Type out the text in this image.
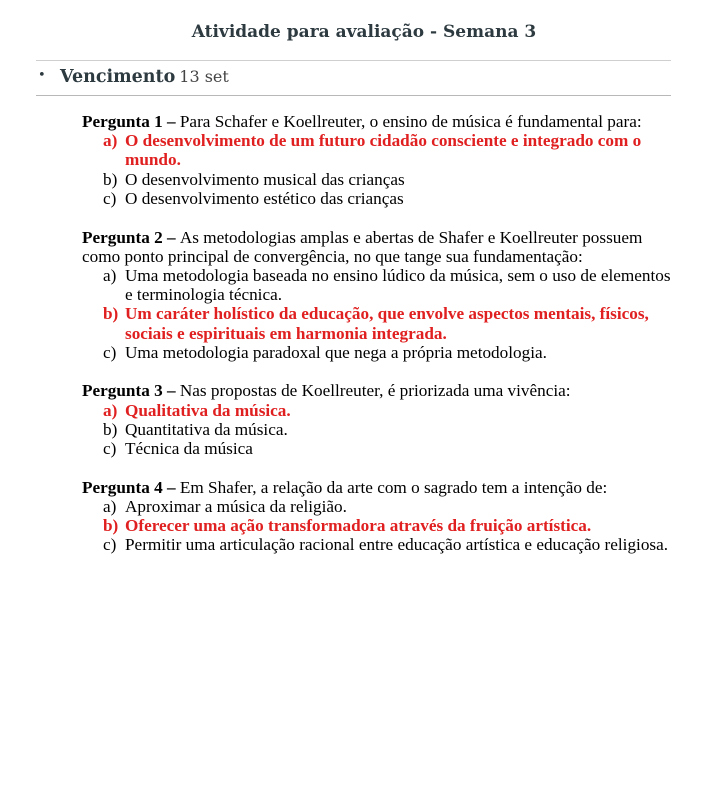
Atividade para avaliação - Semana 3
• Vencimento 13 set

Pergunta 1 – Para Schafer e Koellreuter, o ensino de música é fundamental para:

a) O desenvolvimento de um futuro cidadão consciente e integrado com o mundo.
b) O desenvolvimento musical das crianças
c) O desenvolvimento estético das crianças

Pergunta 2 – As metodologias amplas e abertas de Shafer e Koellreuter possuem como ponto principal de convergência, no que tange sua fundamentação:

a) Uma metodologia baseada no ensino lúdico da música, sem o uso de elementos e terminologia técnica.
b) Um caráter holístico da educação, que envolve aspectos mentais, físicos, sociais e espirituais em harmonia integrada.
c) Uma metodologia paradoxal que nega a própria metodologia.

Pergunta 3 – Nas propostas de Koellreuter, é priorizada uma vivência:

a) Qualitativa da música.
b) Quantitativa da música.
c) Técnica da música

Pergunta 4 – Em Shafer, a relação da arte com o sagrado tem a intenção de:

a) Aproximar a música da religião.
b) Oferecer uma ação transformadora através da fruição artística.
c) Permitir uma articulação racional entre educação artística e educação religiosa.
